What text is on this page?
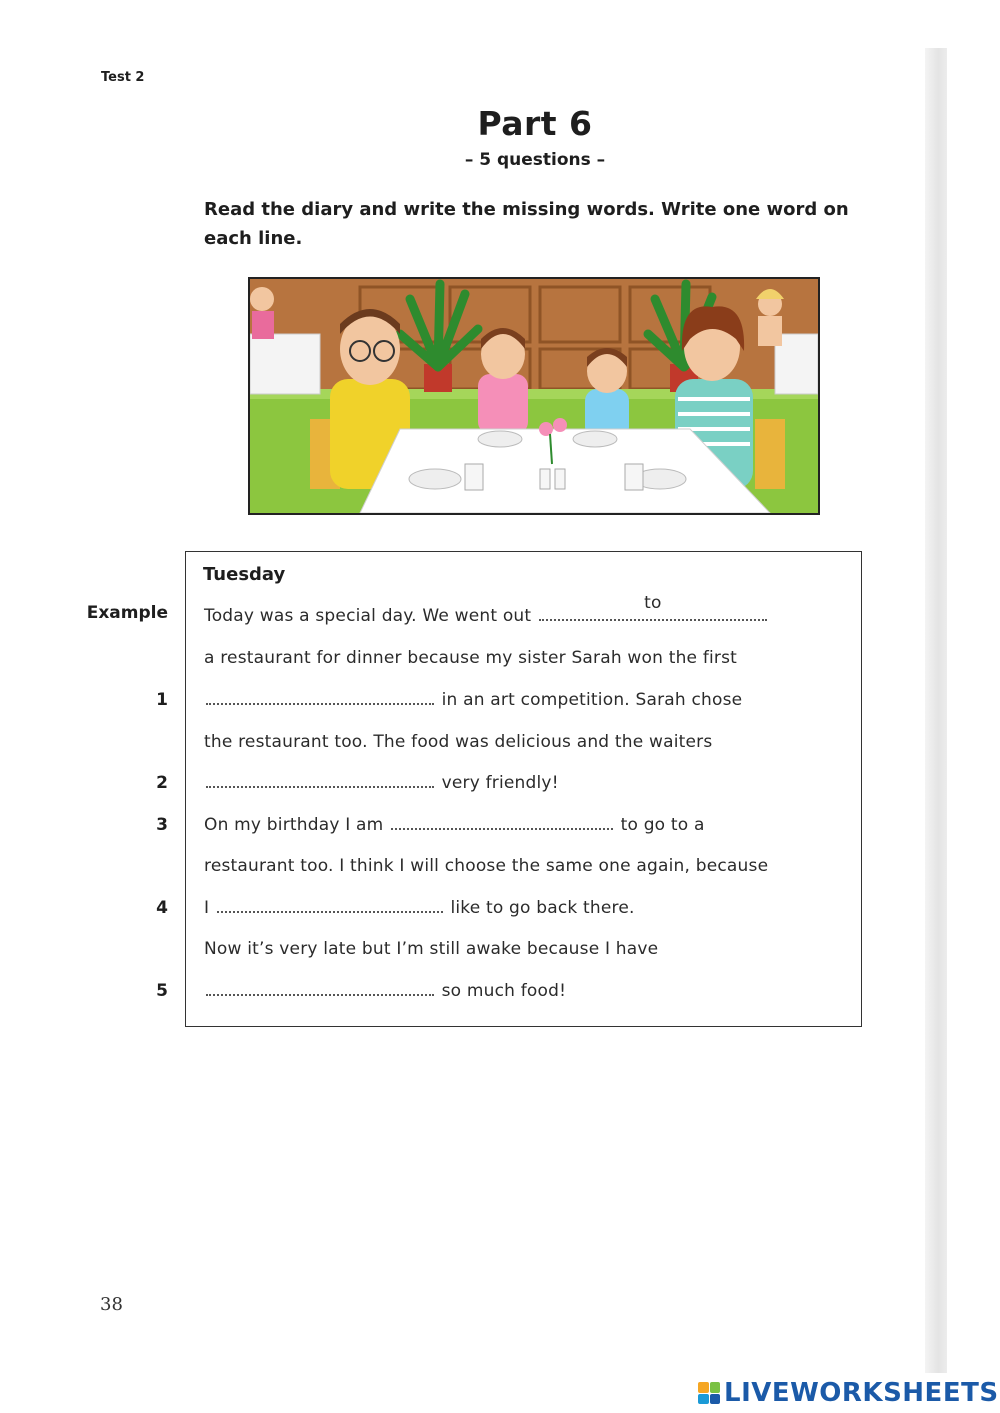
Test 2
Part 6
– 5 questions –
Read the diary and write the missing words. Write one word on each line.
Tuesday
Example
1
2
3
4
5
Today was a special day. We went out
to
a restaurant for dinner because my sister Sarah won the first
in an art competition. Sarah chose
the restaurant too. The food was delicious and the waiters
very friendly!
On my birthday I am	to go to a
restaurant too. I think I will choose the same one again, because
I	like to go back there.
Now it’s very late but I’m still awake because I have
so much food!
38
LIVEWORKSHEETS
